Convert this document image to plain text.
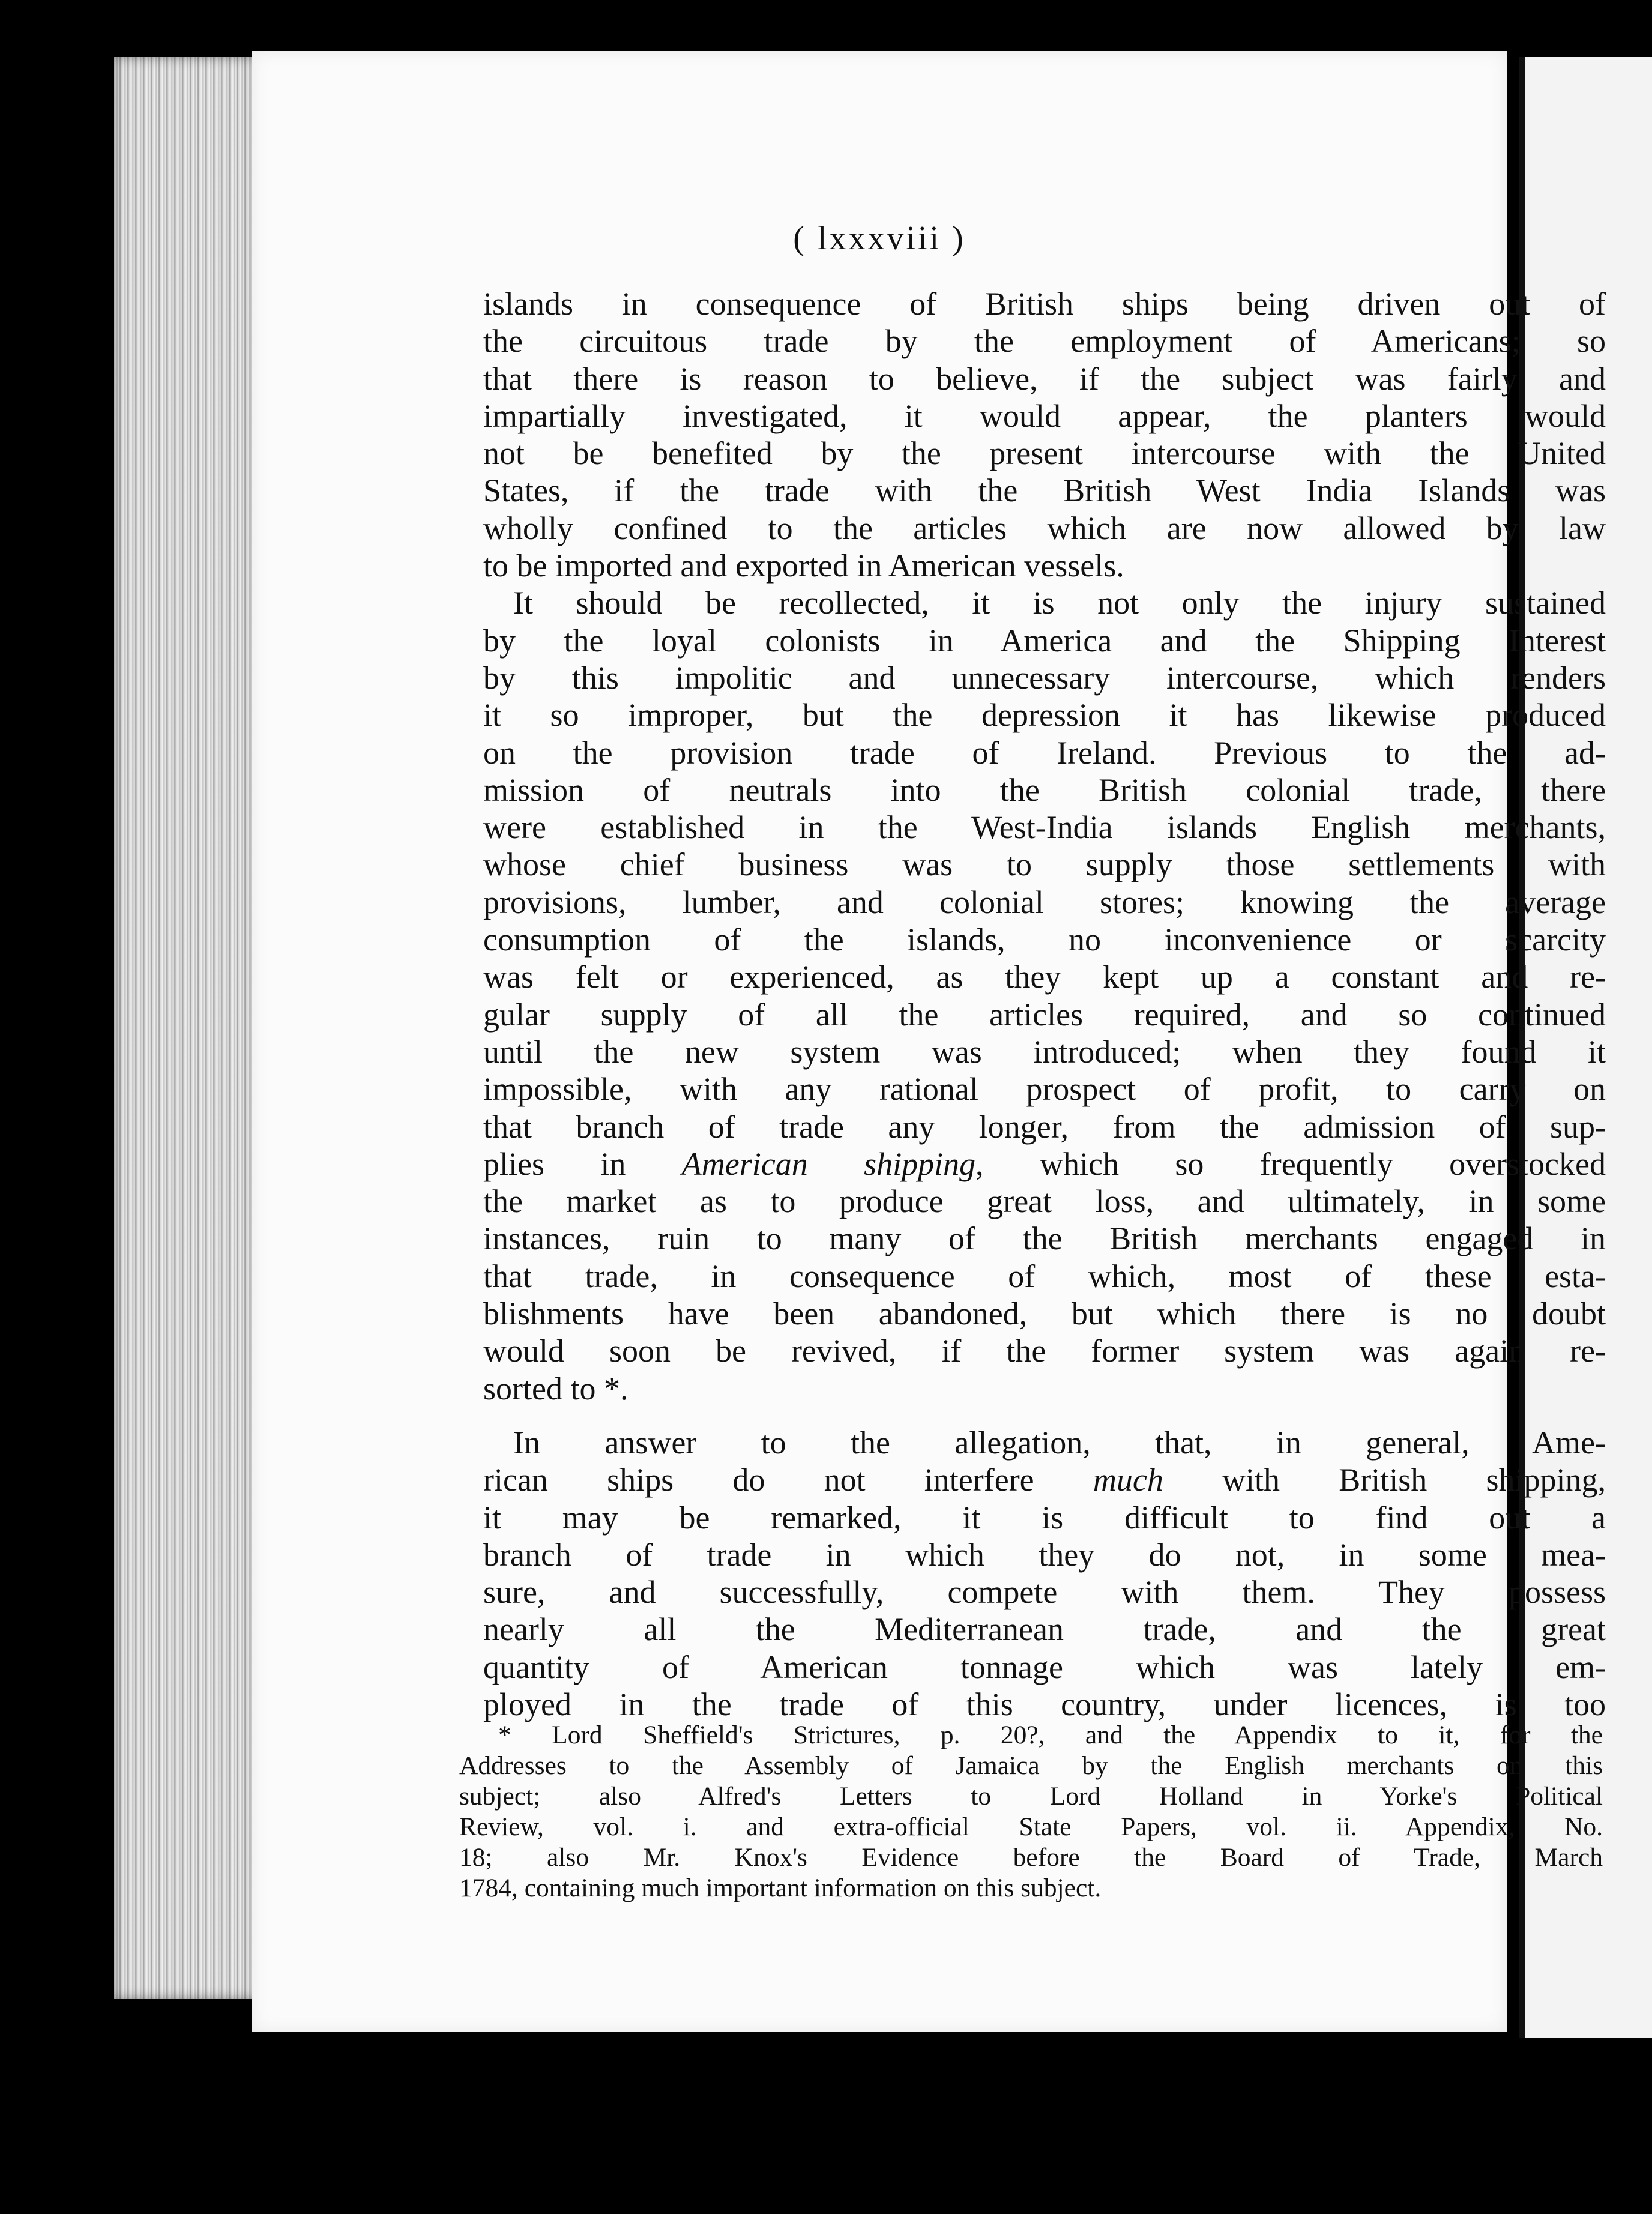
( lxxxviii )

islands in consequence of British ships being driven out of
the circuitous trade by the employment of Americans; so
that there is reason to believe, if the subject was fairly and
impartially investigated, it would appear, the planters would
not be benefited by the present intercourse with the United
States, if the trade with the British West India Islands was
wholly confined to the articles which are now allowed by law
to be imported and exported in American vessels.

It should be recollected, it is not only the injury sustained
by the loyal colonists in America and the Shipping Interest
by this impolitic and unnecessary intercourse, which renders
it so improper, but the depression it has likewise produced
on the provision trade of Ireland. Previous to the ad-
mission of neutrals into the British colonial trade, there
were established in the West-India islands English merchants,
whose chief business was to supply those settlements with
provisions, lumber, and colonial stores; knowing the average
consumption of the islands, no inconvenience or scarcity
was felt or experienced, as they kept up a constant and re-
gular supply of all the articles required, and so continued
until the new system was introduced; when they found it
impossible, with any rational prospect of profit, to carry on
that branch of trade any longer, from the admission of sup-
plies in American shipping, which so frequently overstocked
the market as to produce great loss, and ultimately, in some
instances, ruin to many of the British merchants engaged in
that trade, in consequence of which, most of these esta-
blishments have been abandoned, but which there is no doubt
would soon be revived, if the former system was again re-
sorted to *.

In answer to the allegation, that, in general, Ame-
rican ships do not interfere much with British shipping,
it may be remarked, it is difficult to find out a
branch of trade in which they do not, in some mea-
sure, and successfully, compete with them. They possess
nearly all the Mediterranean trade, and the great
quantity of American tonnage which was lately em-
ployed in the trade of this country, under licences, is too

* Lord Sheffield's Strictures, p. 20?, and the Appendix to it, for the
Addresses to the Assembly of Jamaica by the English merchants on this
subject; also Alfred's Letters to Lord Holland in Yorke's Political
Review, vol. i. and extra-official State Papers, vol. ii. Appendix, No.
18; also Mr. Knox's Evidence before the Board of Trade, March
1784, containing much important information on this subject.
